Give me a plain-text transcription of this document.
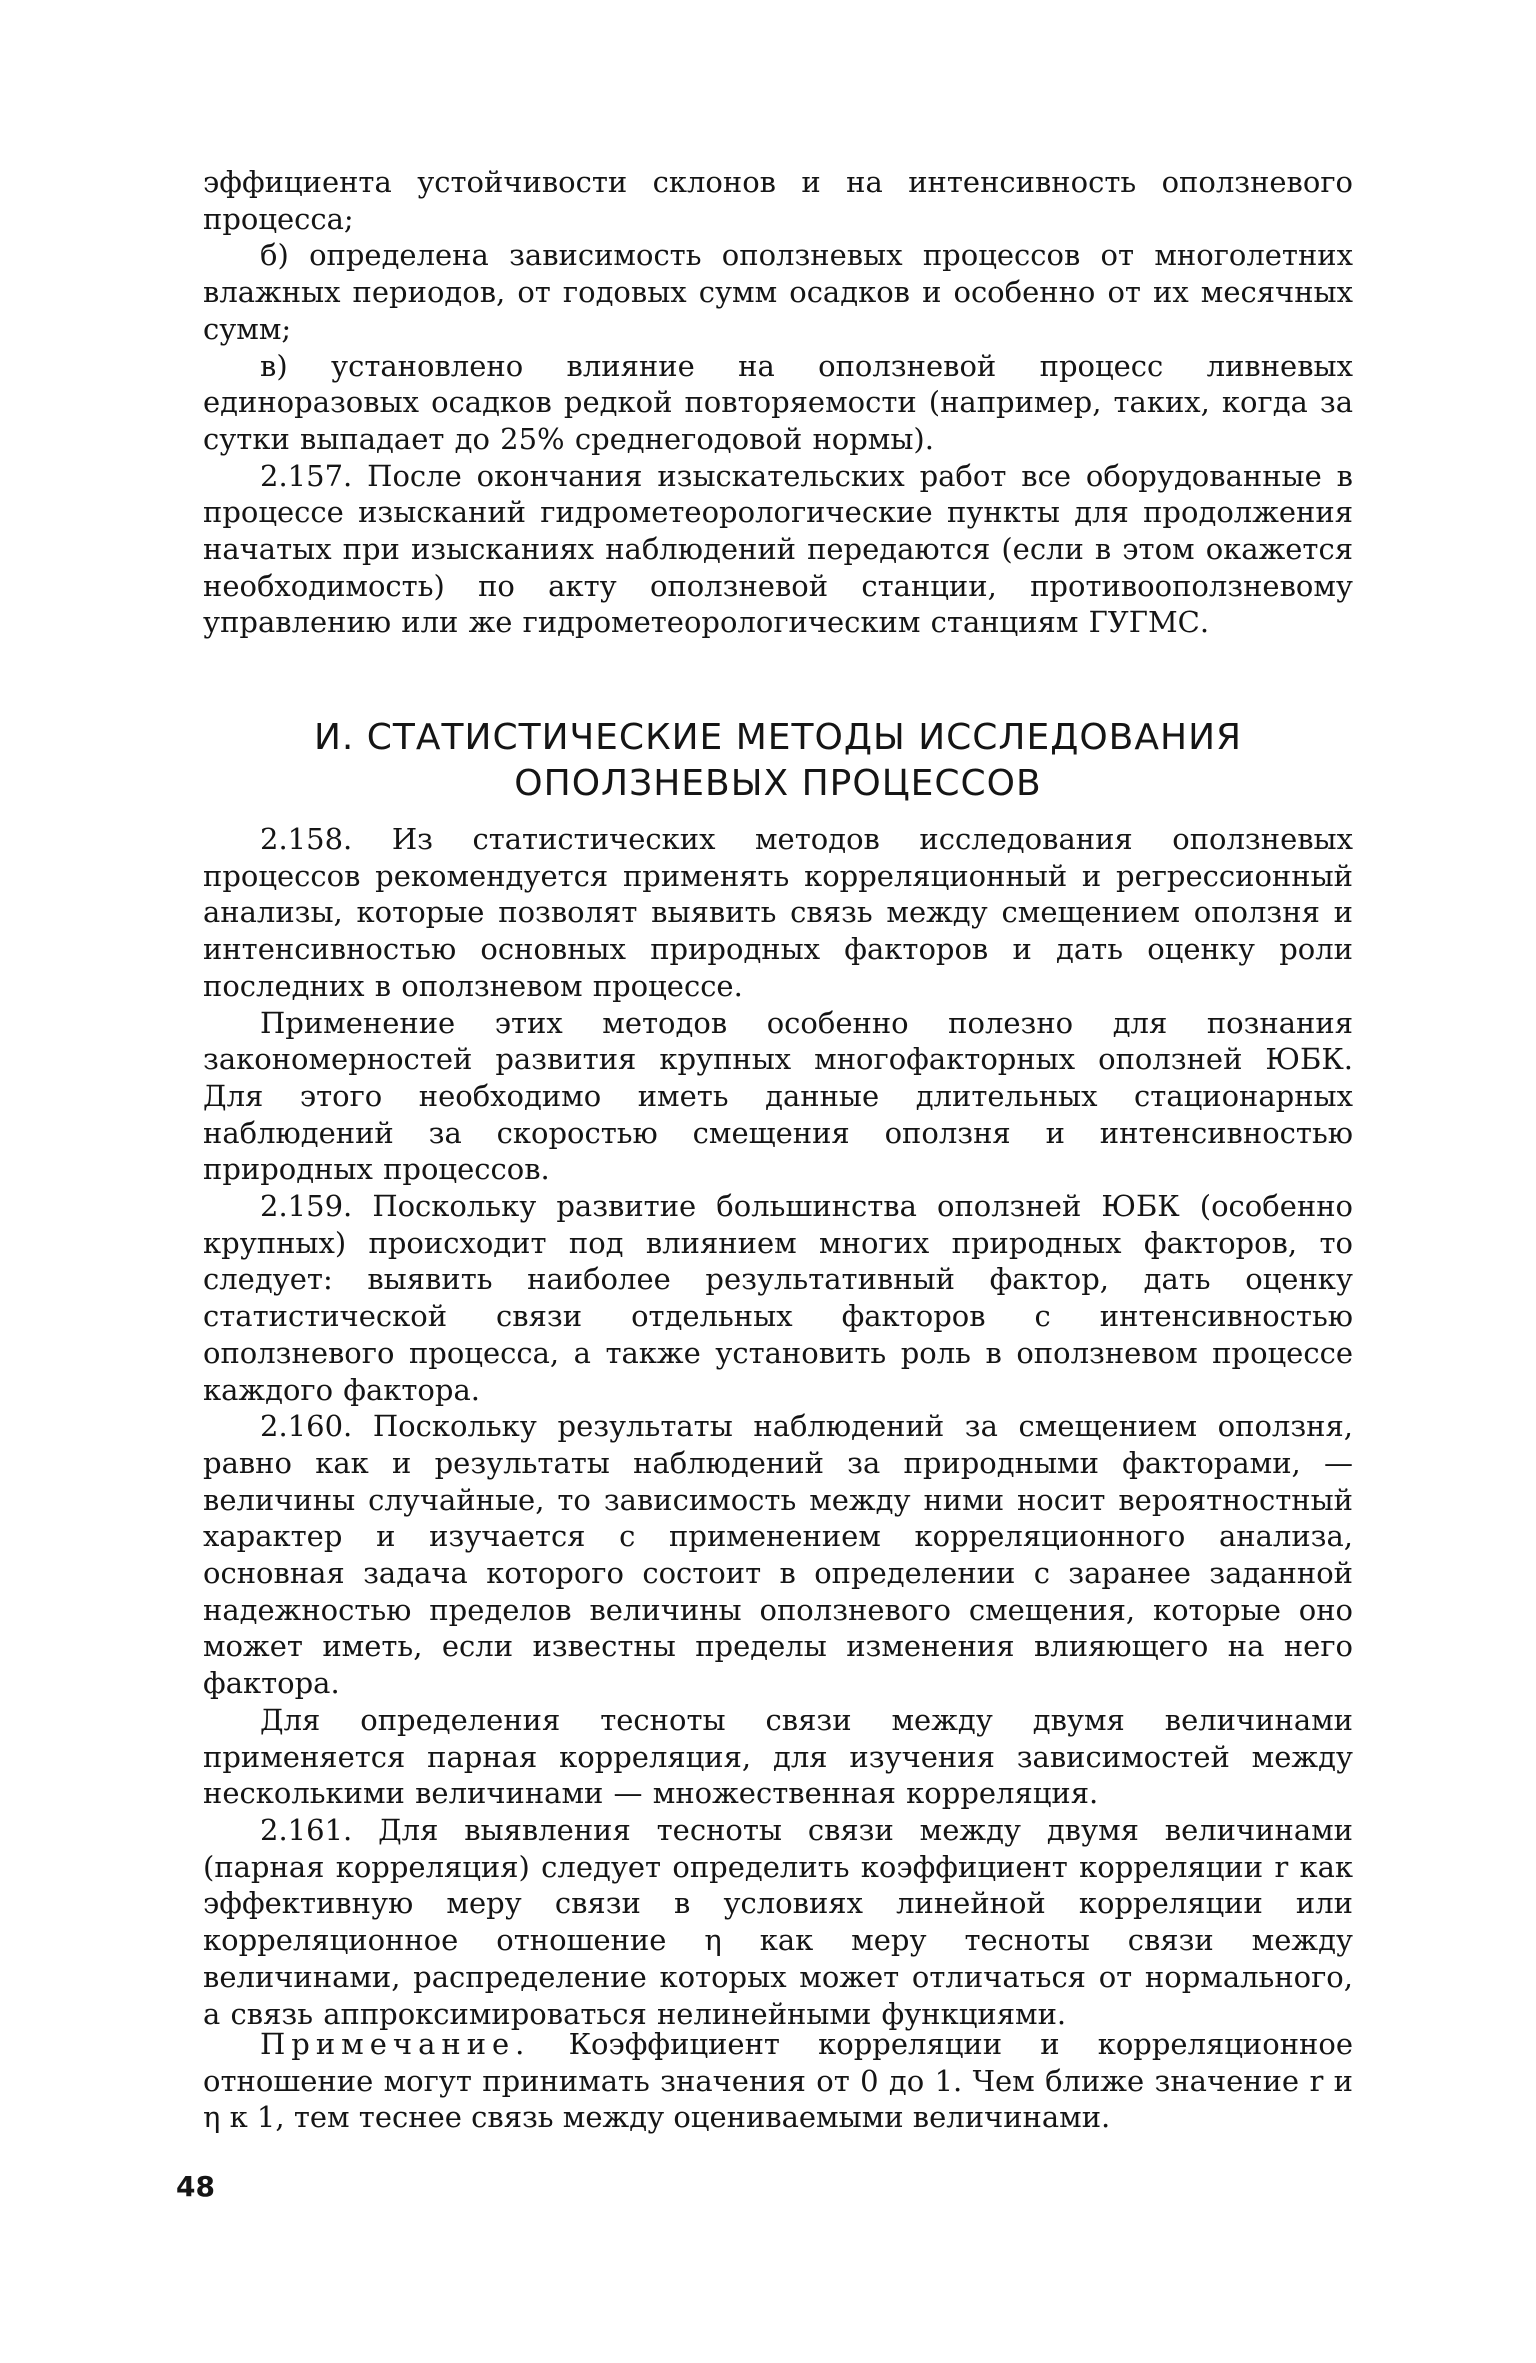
эффициента устойчивости склонов и на интенсивность оползневого процесса;

б) определена зависимость оползневых процессов от многолетних влажных периодов, от годовых сумм осадков и особенно от их месячных сумм;

в) установлено влияние на оползневой процесс ливневых единоразовых осадков редкой повторяемости (например, таких, когда за сутки выпадает до 25% среднегодовой нормы).

2.157. После окончания изыскательских работ все оборудованные в процессе изысканий гидрометеорологические пункты для продолжения начатых при изысканиях наблюдений передаются (если в этом окажется необходимость) по акту оползневой станции, противооползневому управлению или же гидрометеорологическим станциям ГУГМС.

И. СТАТИСТИЧЕСКИЕ МЕТОДЫ ИССЛЕДОВАНИЯ
ОПОЛЗНЕВЫХ ПРОЦЕССОВ

2.158. Из статистических методов исследования оползневых процессов рекомендуется применять корреляционный и регрессионный анализы, которые позволят выявить связь между смещением оползня и интенсивностью основных природных факторов и дать оценку роли последних в оползневом процессе.

Применение этих методов особенно полезно для познания закономерностей развития крупных многофакторных оползней ЮБК. Для этого необходимо иметь данные длительных стационарных наблюдений за скоростью смещения оползня и интенсивностью природных процессов.

2.159. Поскольку развитие большинства оползней ЮБК (особенно крупных) происходит под влиянием многих природных факторов, то следует: выявить наиболее результативный фактор, дать оценку статистической связи отдельных факторов с интенсивностью оползневого процесса, а также установить роль в оползневом процессе каждого фактора.

2.160. Поскольку результаты наблюдений за смещением оползня, равно как и результаты наблюдений за природными факторами, — величины случайные, то зависимость между ними носит вероятностный характер и изучается с применением корреляционного анализа, основная задача которого состоит в определении с заранее заданной надежностью пределов величины оползневого смещения, которые оно может иметь, если известны пределы изменения влияющего на него фактора.

Для определения тесноты связи между двумя величинами применяется парная корреляция, для изучения зависимостей между несколькими величинами — множественная корреляция.

2.161. Для выявления тесноты связи между двумя величинами (парная корреляция) следует определить коэффициент корреляции r как эффективную меру связи в условиях линейной корреляции или корреляционное отношение η как меру тесноты связи между величинами, распределение которых может отличаться от нормального, а связь аппроксимироваться нелинейными функциями.

Примечание. Коэффициент корреляции и корреляционное отношение могут принимать значения от 0 до 1. Чем ближе значение r и η к 1, тем теснее связь между оцениваемыми величинами.

48
